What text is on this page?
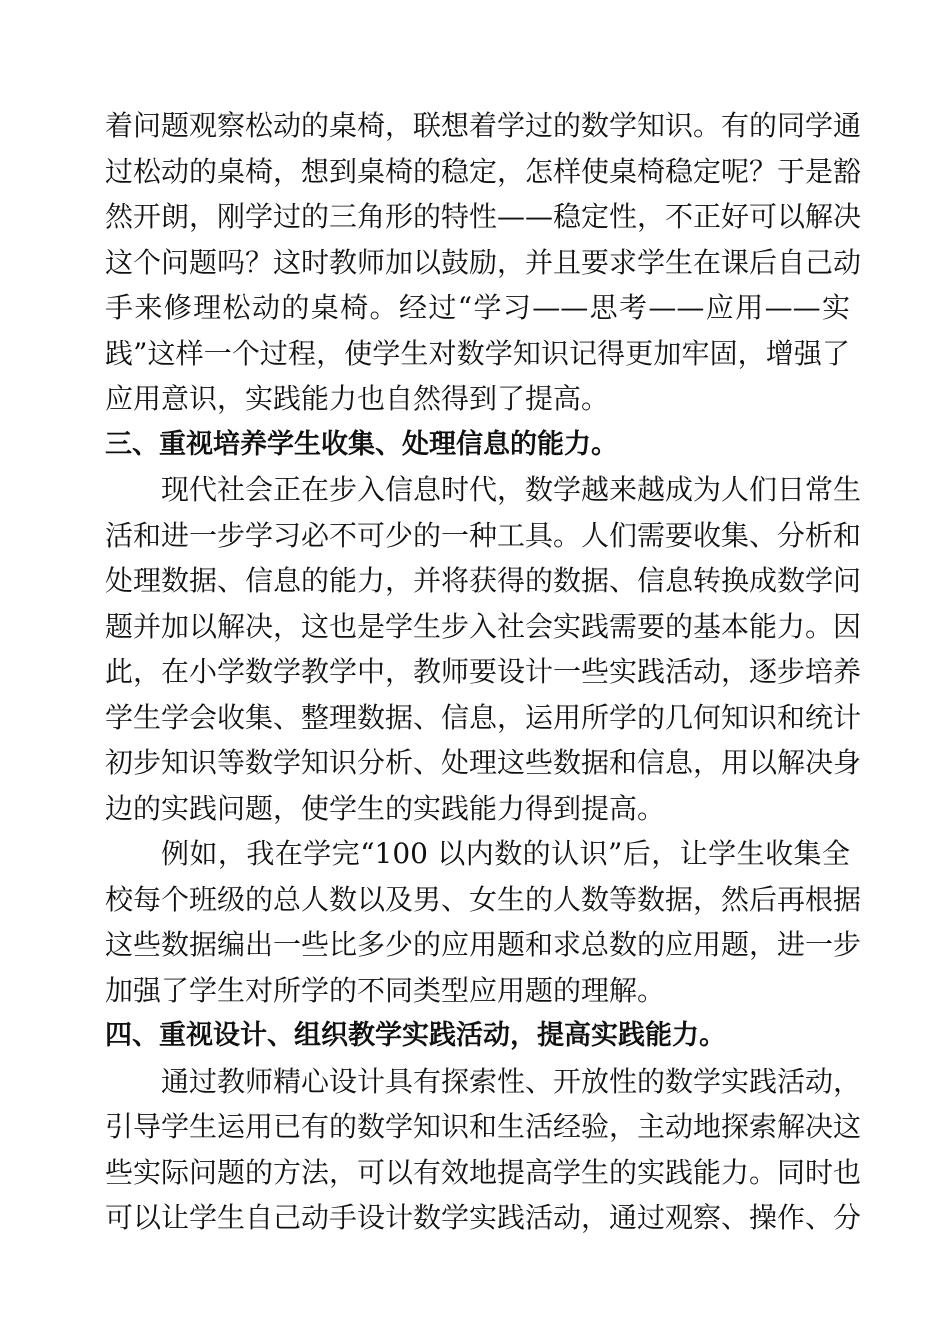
着问题观察松动的桌椅，联想着学过的数学知识。有的同学通
过松动的桌椅，想到桌椅的稳定，怎样使桌椅稳定呢？于是豁
然开朗，刚学过的三角形的特性——稳定性，不正好可以解决
这个问题吗？这时教师加以鼓励，并且要求学生在课后自己动
手来修理松动的桌椅。经过“学习——思考——应用——实
践”这样一个过程，使学生对数学知识记得更加牢固，增强了
应用意识，实践能力也自然得到了提高。
三、重视培养学生收集、处理信息的能力。
现代社会正在步入信息时代，数学越来越成为人们日常生
活和进一步学习必不可少的一种工具。人们需要收集、分析和
处理数据、信息的能力，并将获得的数据、信息转换成数学问
题并加以解决，这也是学生步入社会实践需要的基本能力。因
此，在小学数学教学中，教师要设计一些实践活动，逐步培养
学生学会收集、整理数据、信息，运用所学的几何知识和统计
初步知识等数学知识分析、处理这些数据和信息，用以解决身
边的实践问题，使学生的实践能力得到提高。
例如，我在学完“100 以内数的认识”后，让学生收集全
校每个班级的总人数以及男、女生的人数等数据，然后再根据
这些数据编出一些比多少的应用题和求总数的应用题，进一步
加强了学生对所学的不同类型应用题的理解。
四、重视设计、组织教学实践活动，提高实践能力。
通过教师精心设计具有探索性、开放性的数学实践活动，
引导学生运用已有的数学知识和生活经验，主动地探索解决这
些实际问题的方法，可以有效地提高学生的实践能力。同时也
可以让学生自己动手设计数学实践活动，通过观察、操作、分
